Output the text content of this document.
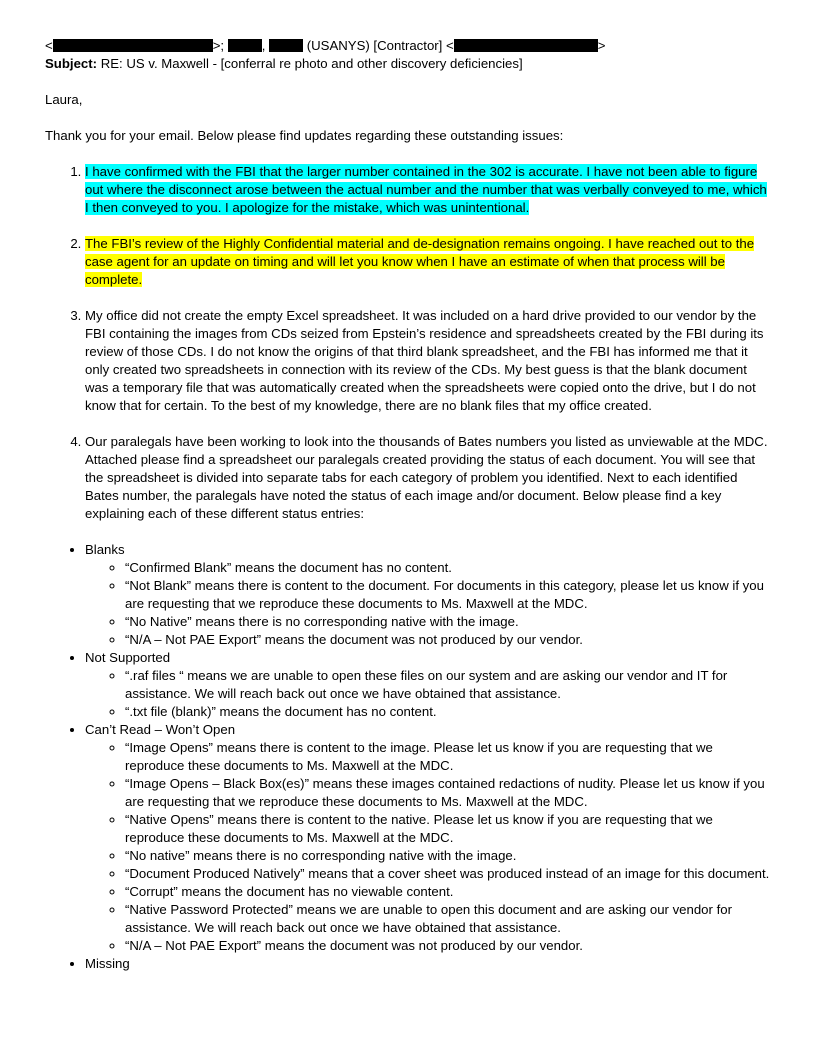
<	>;	,	(USANYS) [Contractor] <	>
Subject: RE: US v. Maxwell - [conferral re photo and other discovery deficiencies]
Laura,
Thank you for your email. Below please find updates regarding these outstanding issues:
1. I have confirmed with the FBI that the larger number contained in the 302 is accurate. I have not been able to figure out where the disconnect arose between the actual number and the number that was verbally conveyed to me, which I then conveyed to you. I apologize for the mistake, which was unintentional.
2. The FBI’s review of the Highly Confidential material and de-designation remains ongoing. I have reached out to the case agent for an update on timing and will let you know when I have an estimate of when that process will be complete.
3. My office did not create the empty Excel spreadsheet. It was included on a hard drive provided to our vendor by the FBI containing the images from CDs seized from Epstein’s residence and spreadsheets created by the FBI during its review of those CDs. I do not know the origins of that third blank spreadsheet, and the FBI has informed me that it only created two spreadsheets in connection with its review of the CDs. My best guess is that the blank document was a temporary file that was automatically created when the spreadsheets were copied onto the drive, but I do not know that for certain. To the best of my knowledge, there are no blank files that my office created.
4. Our paralegals have been working to look into the thousands of Bates numbers you listed as unviewable at the MDC. Attached please find a spreadsheet our paralegals created providing the status of each document. You will see that the spreadsheet is divided into separate tabs for each category of problem you identified. Next to each identified Bates number, the paralegals have noted the status of each image and/or document. Below please find a key explaining each of these different status entries:
• Blanks
◦ “Confirmed Blank” means the document has no content.
◦ “Not Blank” means there is content to the document. For documents in this category, please let us know if you are requesting that we reproduce these documents to Ms. Maxwell at the MDC.
◦ “No Native” means there is no corresponding native with the image.
◦ “N/A – Not PAE Export” means the document was not produced by our vendor.
• Not Supported
◦ “.raf files “ means we are unable to open these files on our system and are asking our vendor and IT for assistance. We will reach back out once we have obtained that assistance.
◦ “.txt file (blank)” means the document has no content.
• Can’t Read – Won’t Open
◦ “Image Opens” means there is content to the image. Please let us know if you are requesting that we reproduce these documents to Ms. Maxwell at the MDC.
◦ “Image Opens – Black Box(es)” means these images contained redactions of nudity. Please let us know if you are requesting that we reproduce these documents to Ms. Maxwell at the MDC.
◦ “Native Opens” means there is content to the native. Please let us know if you are requesting that we reproduce these documents to Ms. Maxwell at the MDC.
◦ “No native” means there is no corresponding native with the image.
◦ “Document Produced Natively” means that a cover sheet was produced instead of an image for this document.
◦ “Corrupt” means the document has no viewable content.
◦ “Native Password Protected” means we are unable to open this document and are asking our vendor for assistance. We will reach back out once we have obtained that assistance.
◦ “N/A – Not PAE Export” means the document was not produced by our vendor.
• Missing
